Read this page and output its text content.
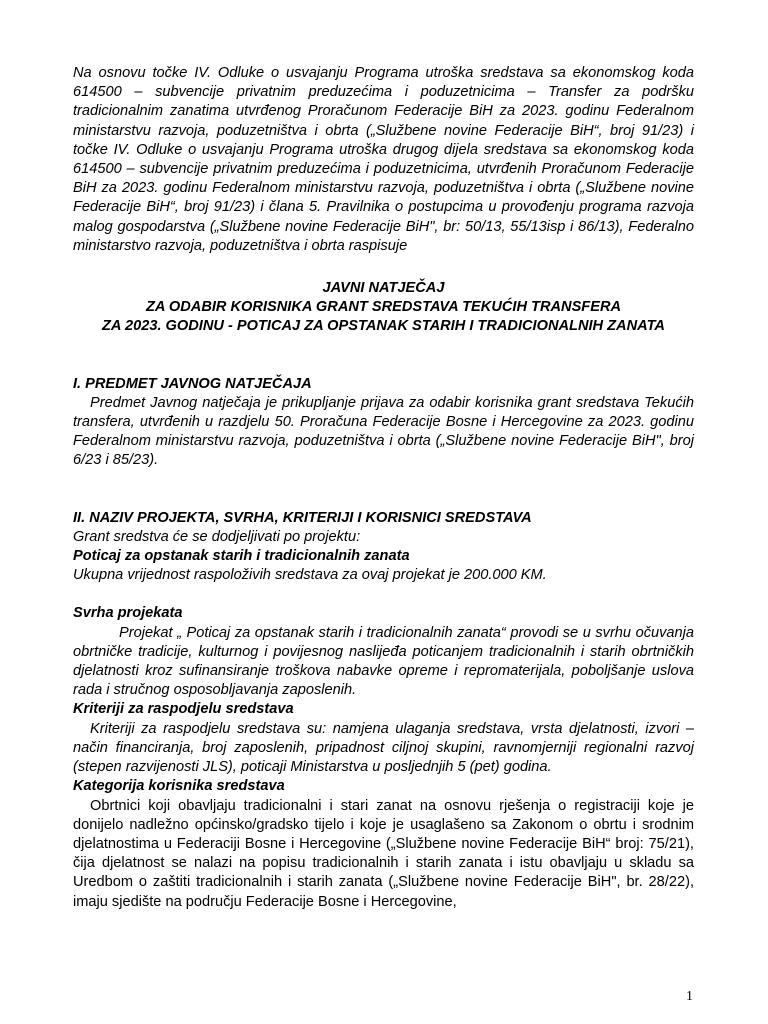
Na osnovu točke IV. Odluke o usvajanju Programa utroška sredstava sa ekonomskog koda 614500 – subvencije privatnim preduzećima i poduzetnicima – Transfer za podršku tradicionalnim zanatima utvrđenog Proračunom Federacije BiH za 2023. godinu Federalnom ministarstvu razvoja, poduzetništva i obrta („Službene novine Federacije BiH“, broj 91/23) i točke IV. Odluke o usvajanju Programa utroška drugog dijela sredstava sa ekonomskog koda 614500 – subvencije privatnim preduzećima i poduzetnicima, utvrđenih Proračunom Federacije BiH za 2023. godinu Federalnom ministarstvu razvoja, poduzetništva i obrta („Službene novine Federacije BiH“, broj 91/23) i člana 5. Pravilnika o postupcima u provođenju programa razvoja malog gospodarstva („Službene novine Federacije BiH", br: 50/13, 55/13isp i 86/13), Federalno ministarstvo razvoja, poduzetništva i obrta raspisuje

JAVNI NATJEČAJ

ZA ODABIR KORISNIKA GRANT SREDSTAVA TEKUĆIH TRANSFERA

ZA 2023. GODINU - POTICAJ ZA OPSTANAK STARIH I TRADICIONALNIH ZANATA

I. PREDMET JAVNOG NATJEČAJA

Predmet Javnog natječaja je prikupljanje prijava za odabir korisnika grant sredstava Tekućih transfera, utvrđenih u razdjelu 50. Proračuna Federacije Bosne i Hercegovine za 2023. godinu Federalnom ministarstvu razvoja, poduzetništva i obrta („Službene novine Federacije BiH", broj 6/23 i 85/23).

II. NAZIV PROJEKTA, SVRHA, KRITERIJI I KORISNICI SREDSTAVA

Grant sredstva će se dodjeljivati po projektu:

Poticaj za opstanak starih i tradicionalnih zanata

Ukupna vrijednost raspoloživih sredstava za ovaj projekat je 200.000 KM.

Svrha projekata

Projekat „ Poticaj za opstanak starih i tradicionalnih zanata“ provodi se u svrhu očuvanja obrtničke tradicije, kulturnog i povijesnog naslijeđa poticanjem tradicionalnih i starih obrtničkih djelatnosti kroz sufinansiranje troškova nabavke opreme i repromaterijala, poboljšanje uslova rada i stručnog osposobljavanja zaposlenih.

Kriteriji za raspodjelu sredstava

Kriteriji za raspodjelu sredstava su: namjena ulaganja sredstava, vrsta djelatnosti, izvori – način financiranja, broj zaposlenih, pripadnost ciljnoj skupini, ravnomjerniji regionalni razvoj (stepen razvijenosti JLS), poticaji Ministarstva u posljednjih 5 (pet) godina.

Kategorija korisnika sredstava

Obrtnici koji obavljaju tradicionalni i stari zanat na osnovu rješenja o registraciji koje je donijelo nadležno općinsko/gradsko tijelo i koje je usaglašeno sa Zakonom o obrtu i srodnim djelatnostima u Federaciji Bosne i Hercegovine („Službene novine Federacije BiH“ broj: 75/21), čija djelatnost se nalazi na popisu tradicionalnih i starih zanata i istu obavljaju u skladu sa Uredbom o zaštiti tradicionalnih i starih zanata („Službene novine Federacije BiH", br. 28/22), imaju sjedište na području Federacije Bosne i Hercegovine,

1
